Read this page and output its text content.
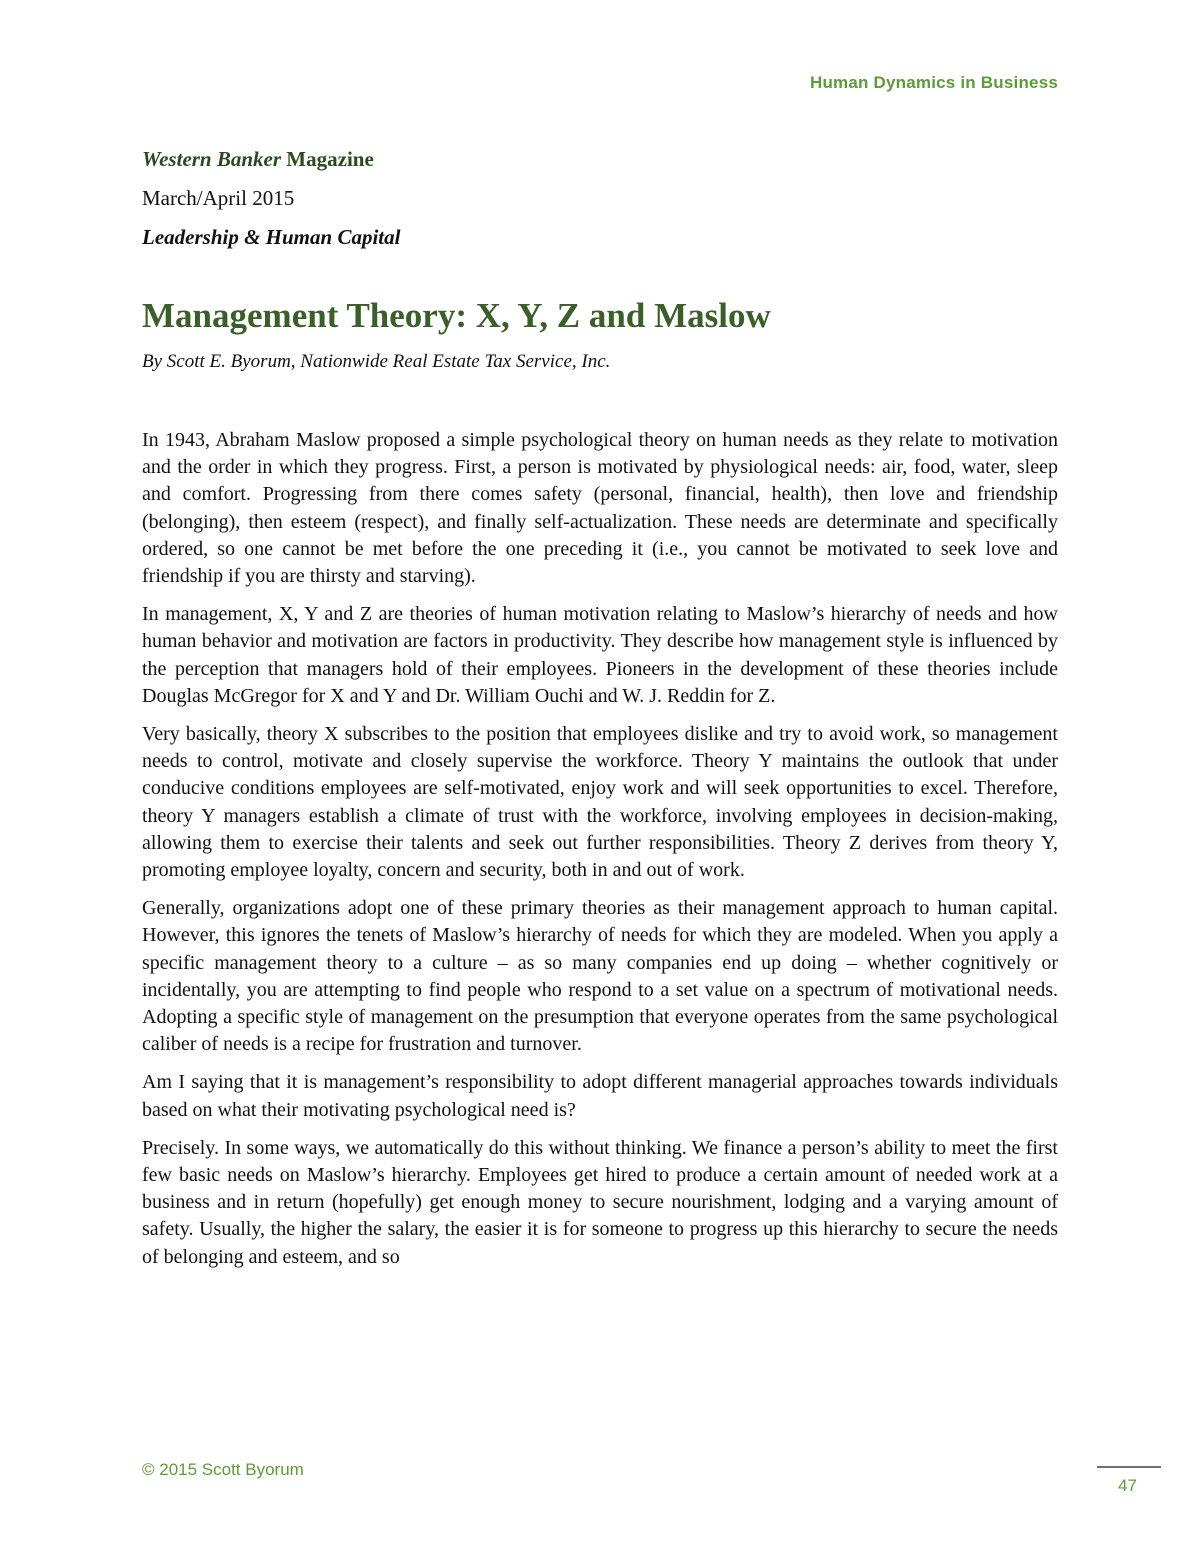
Human Dynamics in Business
Western Banker Magazine
March/April 2015
Leadership & Human Capital
Management Theory: X, Y, Z and Maslow
By Scott E. Byorum, Nationwide Real Estate Tax Service, Inc.

In 1943, Abraham Maslow proposed a simple psychological theory on human needs as they relate to motivation and the order in which they progress. First, a person is motivated by physiological needs: air, food, water, sleep and comfort. Progressing from there comes safety (personal, financial, health), then love and friendship (belonging), then esteem (respect), and finally self-actualization. These needs are determinate and specifically ordered, so one cannot be met before the one preceding it (i.e., you cannot be motivated to seek love and friendship if you are thirsty and starving).

In management, X, Y and Z are theories of human motivation relating to Maslow’s hierarchy of needs and how human behavior and motivation are factors in productivity. They describe how management style is influenced by the perception that managers hold of their employees. Pioneers in the development of these theories include Douglas McGregor for X and Y and Dr. William Ouchi and W. J. Reddin for Z.

Very basically, theory X subscribes to the position that employees dislike and try to avoid work, so management needs to control, motivate and closely supervise the workforce. Theory Y maintains the outlook that under conducive conditions employees are self-motivated, enjoy work and will seek opportunities to excel. Therefore, theory Y managers establish a climate of trust with the workforce, involving employees in decision-making, allowing them to exercise their talents and seek out further responsibilities. Theory Z derives from theory Y, promoting employee loyalty, concern and security, both in and out of work.

Generally, organizations adopt one of these primary theories as their management approach to human capital. However, this ignores the tenets of Maslow’s hierarchy of needs for which they are modeled. When you apply a specific management theory to a culture – as so many companies end up doing – whether cognitively or incidentally, you are attempting to find people who respond to a set value on a spectrum of motivational needs. Adopting a specific style of management on the presumption that everyone operates from the same psychological caliber of needs is a recipe for frustration and turnover.

Am I saying that it is management’s responsibility to adopt different managerial approaches towards individuals based on what their motivating psychological need is?

Precisely. In some ways, we automatically do this without thinking. We finance a person’s ability to meet the first few basic needs on Maslow’s hierarchy. Employees get hired to produce a certain amount of needed work at a business and in return (hopefully) get enough money to secure nourishment, lodging and a varying amount of safety. Usually, the higher the salary, the easier it is for someone to progress up this hierarchy to secure the needs of belonging and esteem, and so

© 2015 Scott Byorum
47
